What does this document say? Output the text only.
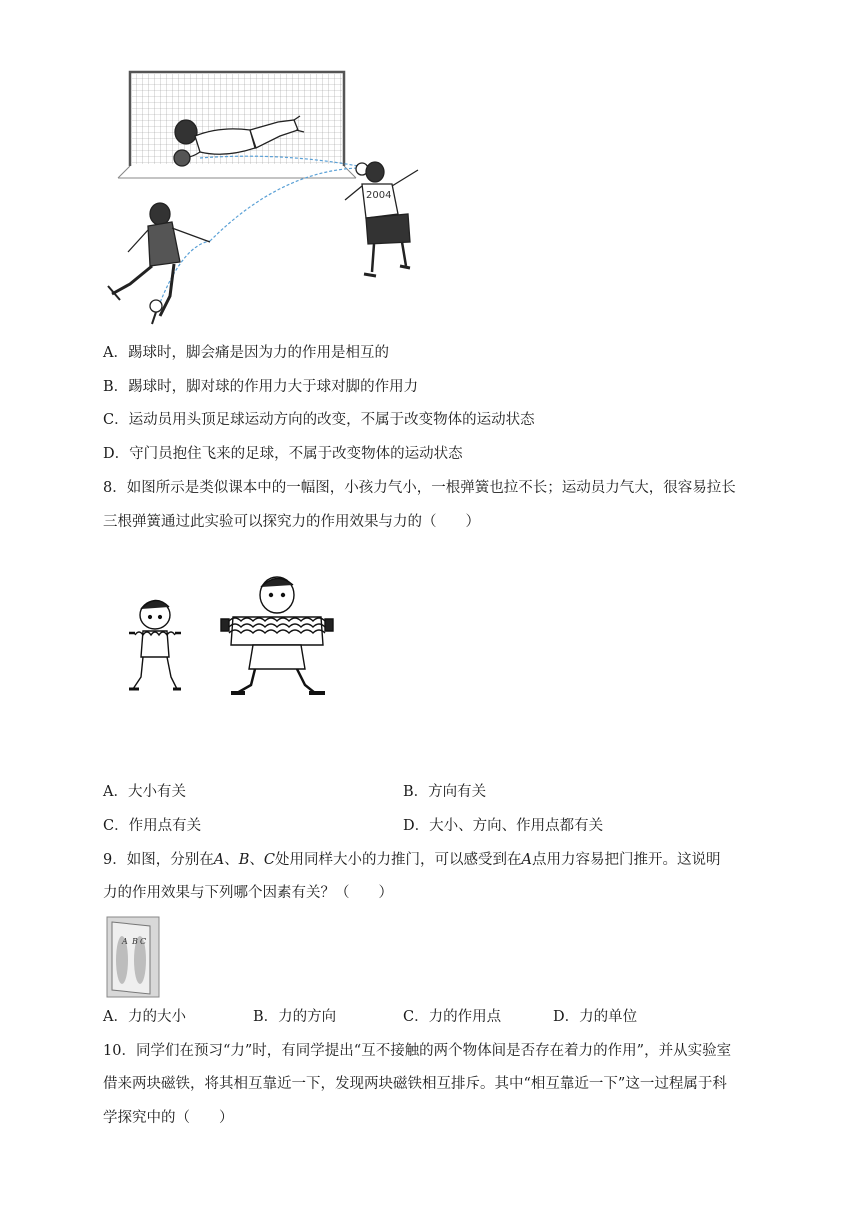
2004
A．踢球时，脚会痛是因为力的作用是相互的
B．踢球时，脚对球的作用力大于球对脚的作用力
C．运动员用头顶足球运动方向的改变，不属于改变物体的运动状态
D．守门员抱住飞来的足球，不属于改变物体的运动状态
8．如图所示是类似课本中的一幅图，小孩力气小，一根弹簧也拉不长；运动员力气大，很容易拉长
三根弹簧通过此实验可以探究力的作用效果与力的（　　）
A．大小有关	B．方向有关
C．作用点有关	D．大小、方向、作用点都有关
9．如图，分别在A、B、C处用同样大小的力推门，可以感受到在A点用力容易把门推开。这说明
力的作用效果与下列哪个因素有关？（　　）
A B C
A．力的大小	B．力的方向	C．力的作用点	D．力的单位
10．同学们在预习“力”时，有同学提出“互不接触的两个物体间是否存在着力的作用”，并从实验室
借来两块磁铁，将其相互靠近一下，发现两块磁铁相互排斥。其中“相互靠近一下”这一过程属于科
学探究中的（　　）
